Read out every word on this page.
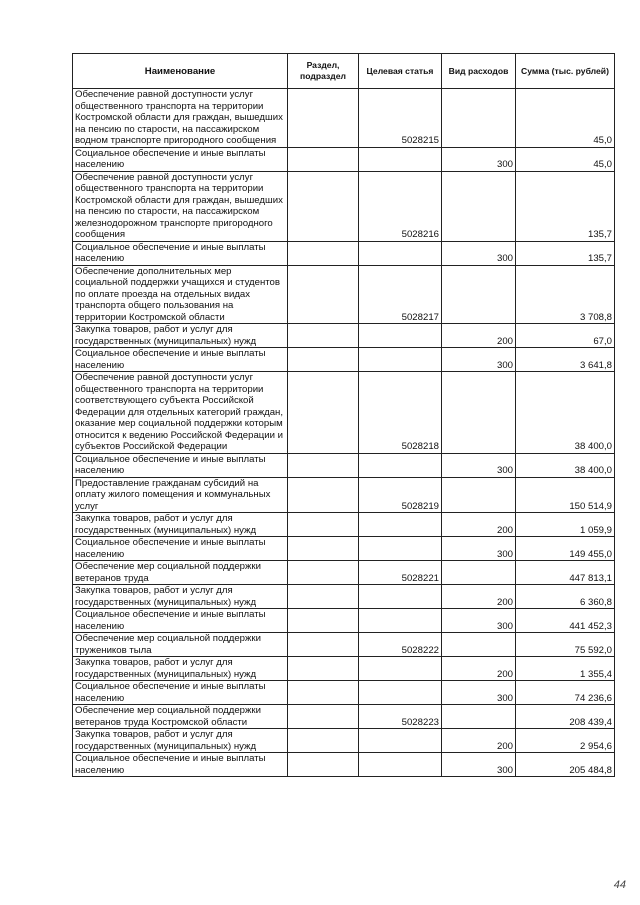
Наименование	Раздел, подраздел	Целевая статья	Вид расходов	Сумма (тыс. рублей)
Обеспечение равной доступности услуг общественного транспорта на территории Костромской области для граждан, вышедших на пенсию по старости, на пассажирском водном транспорте пригородного сообщения		5028215		45,0
Социальное обеспечение и иные выплаты населению			300	45,0
Обеспечение равной доступности услуг общественного транспорта на территории Костромской области для граждан, вышедших на пенсию по старости, на пассажирском железнодорожном транспорте пригородного сообщения		5028216		135,7
Социальное обеспечение и иные выплаты населению			300	135,7
Обеспечение дополнительных мер социальной поддержки учащихся и студентов по оплате проезда на отдельных видах транспорта общего пользования на территории Костромской области		5028217		3 708,8
Закупка товаров, работ и услуг для государственных (муниципальных) нужд			200	67,0
Социальное обеспечение и иные выплаты населению			300	3 641,8
Обеспечение равной доступности услуг общественного транспорта на территории соответствующего субъекта Российской Федерации для отдельных категорий граждан, оказание мер социальной поддержки которым относится к ведению Российской Федерации и субъектов Российской Федерации		5028218		38 400,0
Социальное обеспечение и иные выплаты населению			300	38 400,0
Предоставление гражданам субсидий на оплату жилого помещения и коммунальных услуг		5028219		150 514,9
Закупка товаров, работ и услуг для государственных (муниципальных) нужд			200	1 059,9
Социальное обеспечение и иные выплаты населению			300	149 455,0
Обеспечение мер социальной поддержки ветеранов труда		5028221		447 813,1
Закупка товаров, работ и услуг для государственных (муниципальных) нужд			200	6 360,8
Социальное обеспечение и иные выплаты населению			300	441 452,3
Обеспечение мер социальной поддержки тружеников тыла		5028222		75 592,0
Закупка товаров, работ и услуг для государственных (муниципальных) нужд			200	1 355,4
Социальное обеспечение и иные выплаты населению			300	74 236,6
Обеспечение мер социальной поддержки ветеранов труда Костромской области		5028223		208 439,4
Закупка товаров, работ и услуг для государственных (муниципальных) нужд			200	2 954,6
Социальное обеспечение и иные выплаты населению			300	205 484,8
44
